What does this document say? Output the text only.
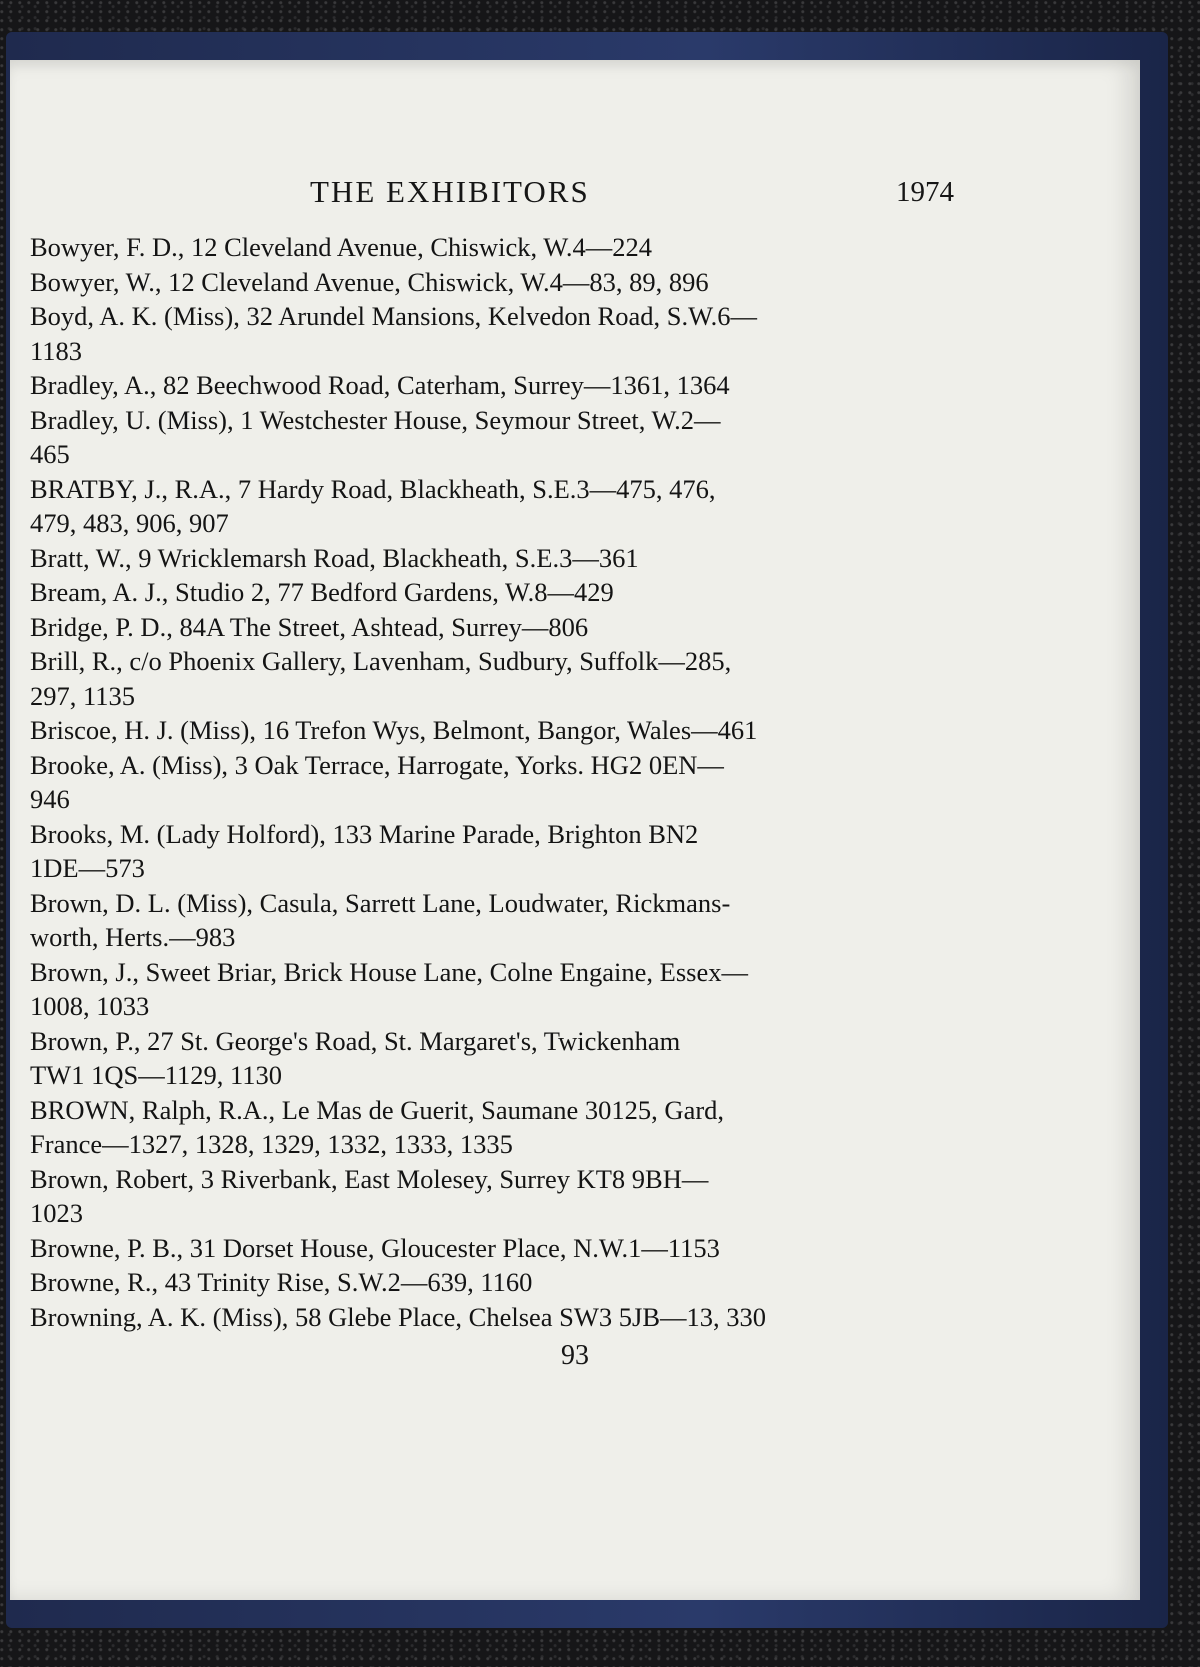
THE EXHIBITORS	1974
Bowyer, F. D., 12 Cleveland Avenue, Chiswick, W.4—224
Bowyer, W., 12 Cleveland Avenue, Chiswick, W.4—83, 89, 896
Boyd, A. K. (Miss), 32 Arundel Mansions, Kelvedon Road, S.W.6—
1183
Bradley, A., 82 Beechwood Road, Caterham, Surrey—1361, 1364
Bradley, U. (Miss), 1 Westchester House, Seymour Street, W.2—
465
BRATBY, J., R.A., 7 Hardy Road, Blackheath, S.E.3—475, 476,
479, 483, 906, 907
Bratt, W., 9 Wricklemarsh Road, Blackheath, S.E.3—361
Bream, A. J., Studio 2, 77 Bedford Gardens, W.8—429
Bridge, P. D., 84A The Street, Ashtead, Surrey—806
Brill, R., c/o Phoenix Gallery, Lavenham, Sudbury, Suffolk—285,
297, 1135
Briscoe, H. J. (Miss), 16 Trefon Wys, Belmont, Bangor, Wales—461
Brooke, A. (Miss), 3 Oak Terrace, Harrogate, Yorks. HG2 0EN—
946
Brooks, M. (Lady Holford), 133 Marine Parade, Brighton BN2
1DE—573
Brown, D. L. (Miss), Casula, Sarrett Lane, Loudwater, Rickmans-
worth, Herts.—983
Brown, J., Sweet Briar, Brick House Lane, Colne Engaine, Essex—
1008, 1033
Brown, P., 27 St. George's Road, St. Margaret's, Twickenham
TW1 1QS—1129, 1130
BROWN, Ralph, R.A., Le Mas de Guerit, Saumane 30125, Gard,
France—1327, 1328, 1329, 1332, 1333, 1335
Brown, Robert, 3 Riverbank, East Molesey, Surrey KT8 9BH—
1023
Browne, P. B., 31 Dorset House, Gloucester Place, N.W.1—1153
Browne, R., 43 Trinity Rise, S.W.2—639, 1160
Browning, A. K. (Miss), 58 Glebe Place, Chelsea SW3 5JB—13, 330
93
